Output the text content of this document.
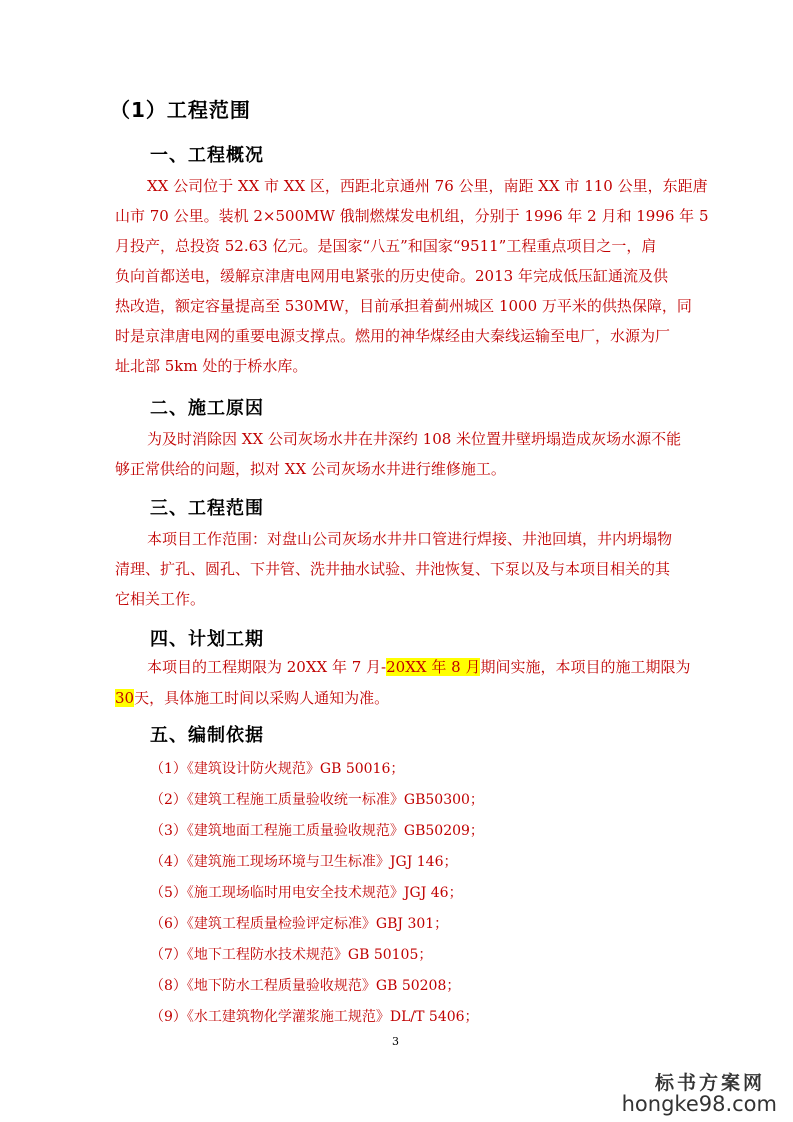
（1）工程范围
一、工程概况
XX 公司位于 XX 市 XX 区，西距北京通州 76 公里，南距 XX 市 110 公里，东距唐
山市 70 公里。装机 2×500MW 俄制燃煤发电机组，分别于 1996 年 2 月和 1996 年 5
月投产，总投资 52.63 亿元。是国家“八五”和国家“9511”工程重点项目之一，肩
负向首都送电，缓解京津唐电网用电紧张的历史使命。2013 年完成低压缸通流及供
热改造，额定容量提高至 530MW，目前承担着蓟州城区 1000 万平米的供热保障，同
时是京津唐电网的重要电源支撑点。燃用的神华煤经由大秦线运输至电厂，水源为厂
址北部 5km 处的于桥水库。
二、施工原因
为及时消除因 XX 公司灰场水井在井深约 108 米位置井壁坍塌造成灰场水源不能
够正常供给的问题，拟对 XX 公司灰场水井进行维修施工。
三、工程范围
本项目工作范围：对盘山公司灰场水井井口管进行焊接、井池回填，井内坍塌物
清理、扩孔、圆孔、下井管、洗井抽水试验、井池恢复、下泵以及与本项目相关的其
它相关工作。
四、计划工期
本项目的工程期限为 20XX 年 7 月-20XX 年 8 月期间实施，本项目的施工期限为
30天，具体施工时间以采购人通知为准。
五、编制依据
（1）《建筑设计防火规范》GB 50016；
（2）《建筑工程施工质量验收统一标准》GB50300；
（3）《建筑地面工程施工质量验收规范》GB50209；
（4）《建筑施工现场环境与卫生标准》JGJ 146；
（5）《施工现场临时用电安全技术规范》JGJ 46；
（6）《建筑工程质量检验评定标准》GBJ 301；
（7）《地下工程防水技术规范》GB 50105；
（8）《地下防水工程质量验收规范》GB 50208；
（9）《水工建筑物化学灌浆施工规范》DL/T 5406；
3
标书方案网
hongke98.com
